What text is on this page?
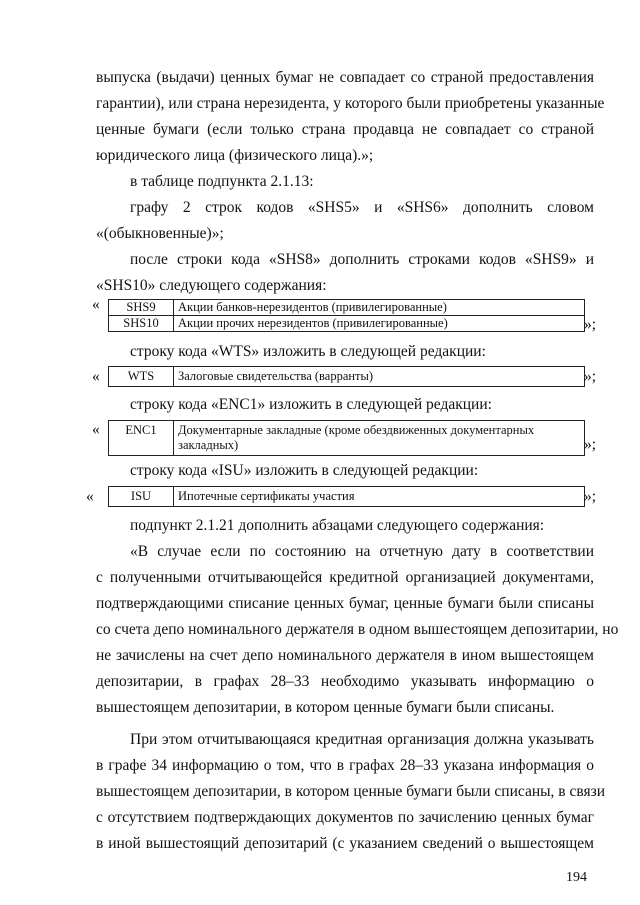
выпуска (выдачи) ценных бумаг не совпадает со страной предоставления
гарантии), или страна нерезидента, у которого были приобретены указанные
ценные бумаги (если только страна продавца не совпадает со страной
юридического лица (физического лица).»;
в таблице подпункта 2.1.13:
графу 2 строк кодов «SHS5» и «SHS6» дополнить словом
«(обыкновенные)»;
после строки кода «SHS8» дополнить строками кодов «SHS9» и
«SHS10» следующего содержания:
« SHS9	Акции банков-нерезидентов (привилегированные)
SHS10	Акции прочих нерезидентов (привилегированные)	»;
строку кода «WTS» изложить в следующей редакции:
« WTS	Залоговые свидетельства (варранты)	»;
строку кода «ENC1» изложить в следующей редакции:
« ENC1	Документарные закладные (кроме обездвиженных документарных закладных)	»;
строку кода «ISU» изложить в следующей редакции:
«	ISU	Ипотечные сертификаты участия	»;
подпункт 2.1.21 дополнить абзацами следующего содержания:
«В случае если по состоянию на отчетную дату в соответствии
с полученными отчитывающейся кредитной организацией документами,
подтверждающими списание ценных бумаг, ценные бумаги были списаны
со счета депо номинального держателя в одном вышестоящем депозитарии, но
не зачислены на счет депо номинального держателя в ином вышестоящем
депозитарии, в графах 28–33 необходимо указывать информацию о
вышестоящем депозитарии, в котором ценные бумаги были списаны.
При этом отчитывающаяся кредитная организация должна указывать
в графе 34 информацию о том, что в графах 28–33 указана информация о
вышестоящем депозитарии, в котором ценные бумаги были списаны, в связи
с отсутствием подтверждающих документов по зачислению ценных бумаг
в иной вышестоящий депозитарий (с указанием сведений о вышестоящем
194
